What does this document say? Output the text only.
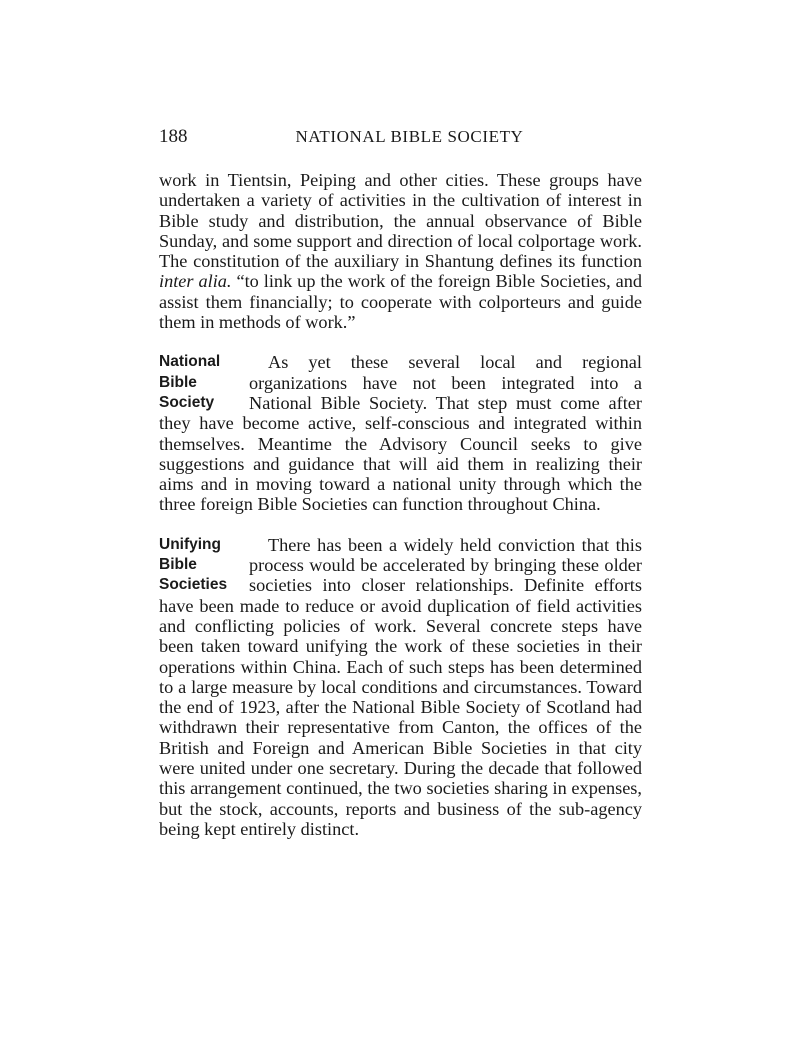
188	NATIONAL BIBLE SOCIETY

work in Tientsin, Peiping and other cities. These groups have undertaken a variety of activities in the cultivation of interest in Bible study and distribution, the annual observance of Bible Sunday, and some support and direction of local colportage work. The constitution of the auxiliary in Shantung defines its function inter alia. “to link up the work of the foreign Bible Societies, and assist them financially; to cooperate with colporteurs and guide them in methods of work.”

National
Bible
Society

As yet these several local and regional organizations have not been integrated into a National Bible Society. That step must come after they have become active, self-conscious and integrated within themselves. Meantime the Advisory Council seeks to give suggestions and guidance that will aid them in realizing their aims and in moving toward a national unity through which the three foreign Bible Societies can function throughout China.

Unifying
Bible
Societies

There has been a widely held conviction that this process would be accelerated by bringing these older societies into closer relationships. Definite efforts have been made to reduce or avoid duplication of field activities and conflicting policies of work. Several concrete steps have been taken toward unifying the work of these societies in their operations within China. Each of such steps has been determined to a large measure by local conditions and circumstances. Toward the end of 1923, after the National Bible Society of Scotland had withdrawn their representative from Canton, the offices of the British and Foreign and American Bible Societies in that city were united under one secretary. During the decade that followed this arrangement continued, the two societies sharing in expenses, but the stock, accounts, reports and business of the sub-agency being kept entirely distinct.
